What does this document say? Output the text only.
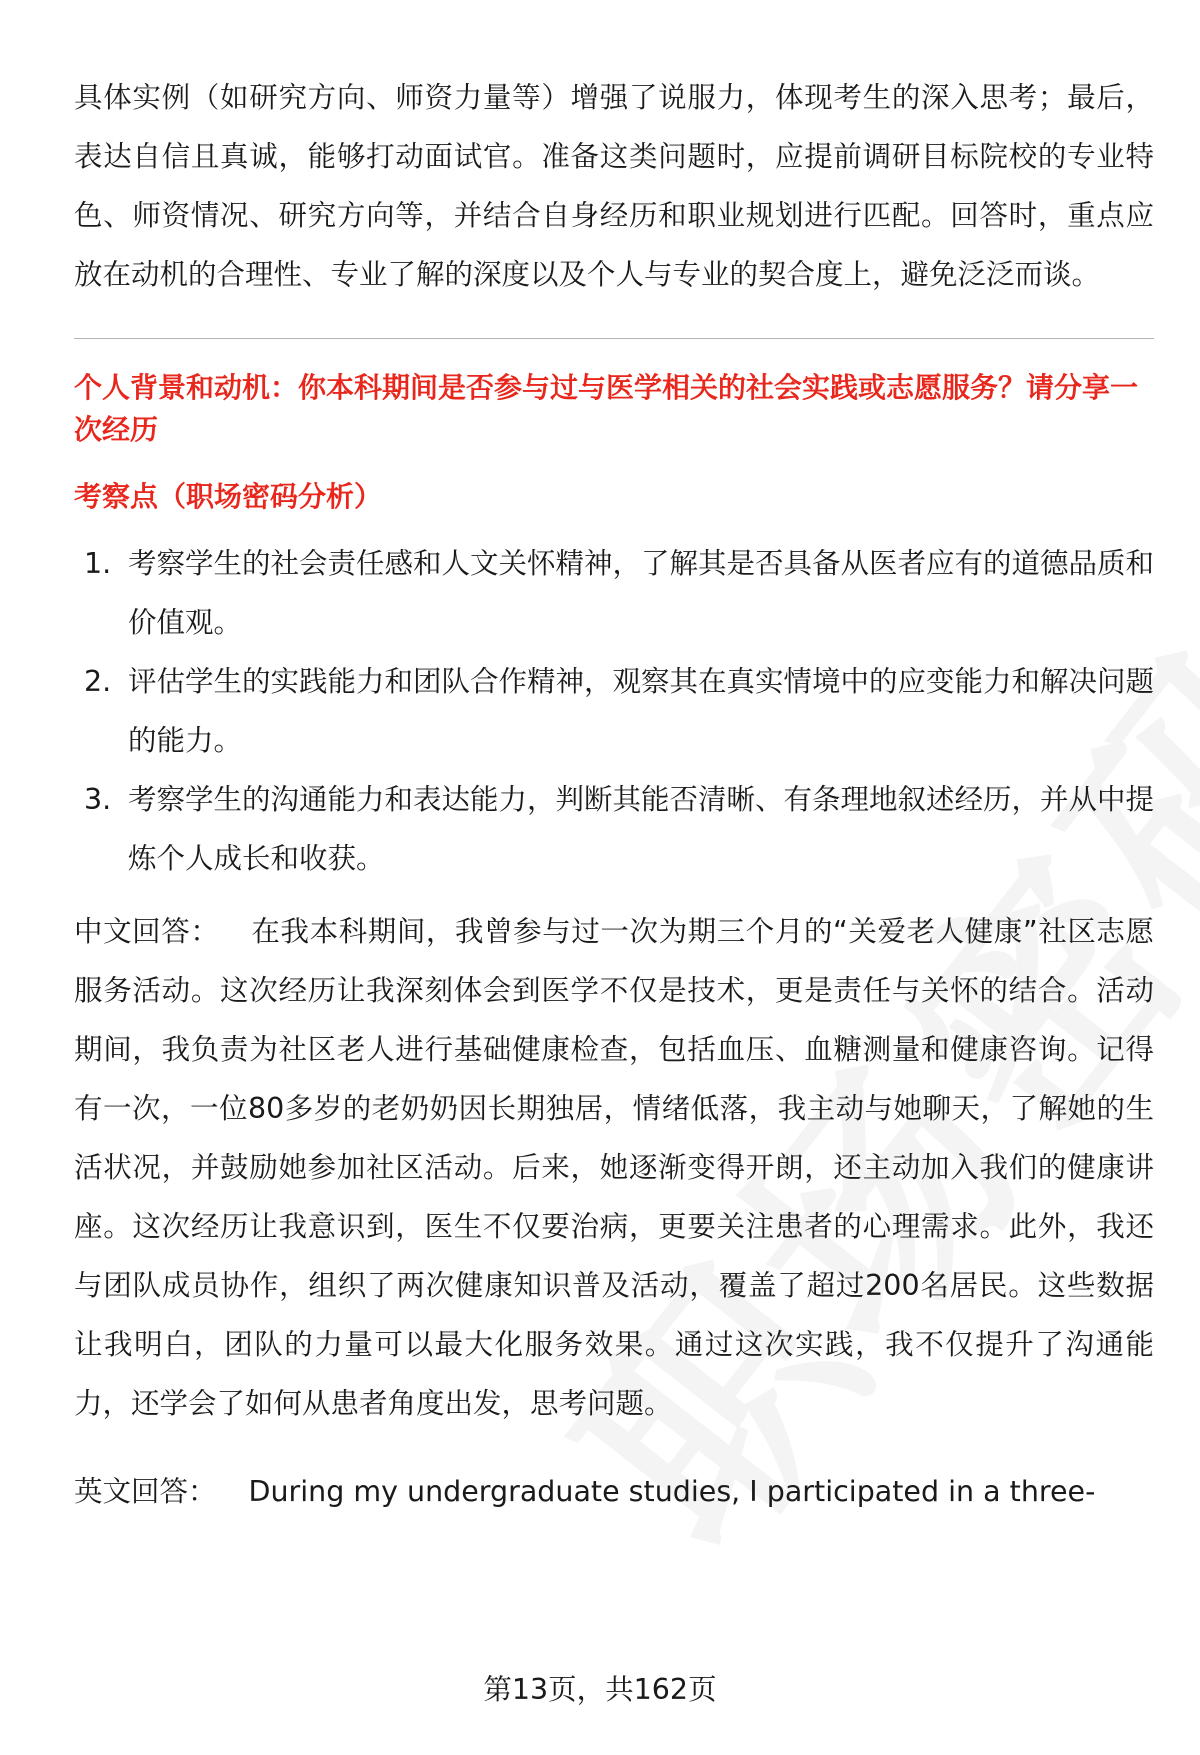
具体实例（如研究方向、师资力量等）增强了说服力，体现考生的深入思考；最后，表达自信且真诚，能够打动面试官。准备这类问题时，应提前调研目标院校的专业特色、师资情况、研究方向等，并结合自身经历和职业规划进行匹配。回答时，重点应放在动机的合理性、专业了解的深度以及个人与专业的契合度上，避免泛泛而谈。

个人背景和动机：你本科期间是否参与过与医学相关的社会实践或志愿服务？请分享一次经历

考察点（职场密码分析）

1. 考察学生的社会责任感和人文关怀精神，了解其是否具备从医者应有的道德品质和价值观。
2. 评估学生的实践能力和团队合作精神，观察其在真实情境中的应变能力和解决问题的能力。
3. 考察学生的沟通能力和表达能力，判断其能否清晰、有条理地叙述经历，并从中提炼个人成长和收获。

中文回答： 在我本科期间，我曾参与过一次为期三个月的“关爱老人健康”社区志愿服务活动。这次经历让我深刻体会到医学不仅是技术，更是责任与关怀的结合。活动期间，我负责为社区老人进行基础健康检查，包括血压、血糖测量和健康咨询。记得有一次，一位80多岁的老奶奶因长期独居，情绪低落，我主动与她聊天，了解她的生活状况，并鼓励她参加社区活动。后来，她逐渐变得开朗，还主动加入我们的健康讲座。这次经历让我意识到，医生不仅要治病，更要关注患者的心理需求。此外，我还与团队成员协作，组织了两次健康知识普及活动，覆盖了超过200名居民。这些数据让我明白，团队的力量可以最大化服务效果。通过这次实践，我不仅提升了沟通能力，还学会了如何从患者角度出发，思考问题。

英文回答： During my undergraduate studies, I participated in a three-

第13页，共162页
